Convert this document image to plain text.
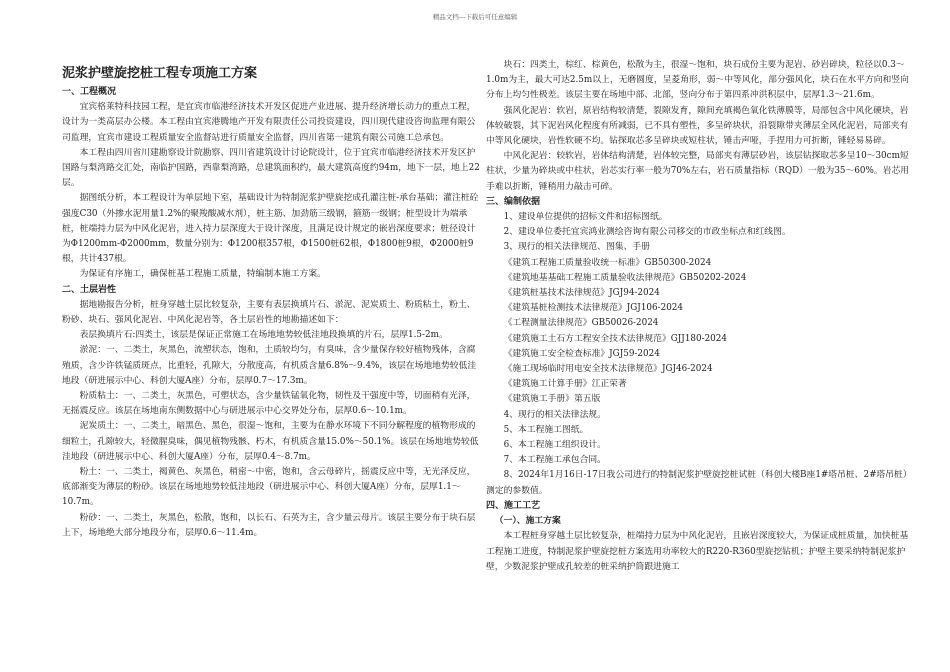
精品文档---下载后可任意编辑
泥浆护壁旋挖桩工程专项施工方案
一、工程概况
宜宾格莱特科技园工程，是宜宾市临港经济技术开发区促进产业进展、提升经济增长动力的重点工程，设计为一类高层办公楼。本工程由宜宾港腾地产开发有限责任公司投资建设，四川现代建设咨询监理有限公司监理，宜宾市建设工程质量安全监督站进行质量安全监督，四川省第一建筑有限公司施工总承包。
本工程由四川省川建勘察设计院勘察、四川省建筑设计讨论院设计，位于宜宾市临港经济技术开发区护国路与梨湾路交汇处，南临护国路，西靠梨湾路，总建筑面积约，最大建筑高度约94m，地下一层，地上22层。
据图纸分析，本工程设计为单层地下室，基础设计为特制泥浆护壁旋挖成孔灌注桩-承台基础；灌注桩砼强度C30（外掺水泥用量1.2%的聚羧酸减水剂），桩主筋、加劲筋三级钢，箍筋一级钢；桩型设计为端承桩，桩端持力层为中风化泥岩，进入持力层深度大于设计深度，且满足设计规定的嵌岩深度要求；桩径设计为Φ1200mm-Φ2000mm，数量分别为：Φ1200根357根，Φ1500桩62根，Φ1800桩9根，Φ2000桩9根，共计437根。
为保证有序施工，确保桩基工程施工质量，特编制本施工方案。
二、土层岩性
据地勘报告分析，桩身穿越土层比较复杂，主要有表层换填片石、淤泥、泥炭质土、粉质粘土，粉土、粉砂、块石、强风化泥岩、中风化泥岩等，各土层岩性的地勘描述如下：
表层换填片石:四类土，该层是保证正常施工在场地地势较低洼地段换填的片石，层厚1.5-2m。
淤泥：一、二类土，灰黑色，流塑状态，饱和，土质较均匀，有臭味，含少量保存较好植物残体，含腐殖质，含少许铁锰质斑点，比重轻，孔隙大，分散度高，有机质含量6.8%～9.4%，该层在场地地势较低洼地段（研进展示中心、科创大厦A座）分布，层厚0.7～17.3m。
粉质粘土：一、二类土，灰黑色，可塑状态，含少量铁锰氧化物，韧性及干强度中等，切面稍有光泽，无摇震反应。该层在场地南东侧数据中心与研进展示中心交界处分布，层厚0.6～10.1m。
泥炭质土：一、二类土，暗黑色、黑色，很湿～饱和，主要为在静水环境下不同分解程度的植物形成的细粒土，孔隙较大，轻微腥臭味，偶见植物残骸、朽木，有机质含量15.0%～50.1%。该层在场地地势较低洼地段（研进展示中心、科创大厦A座）分布，层厚0.4～8.7m。
粉土：一、二类土，褐黄色、灰黑色，稍密～中密，饱和，含云母碎片，摇震反应中等，无光泽反应，底部渐变为薄层的粉砂。该层在场地地势较低洼地段（研进展示中心、科创大厦A座）分布，层厚1.1～10.7m。
粉砂：一、二类土，灰黑色，松散，饱和，以长石、石英为主，含少量云母片。该层主要分布于块石层上下，场地绝大部分地段分布，层厚0.6～11.4m。
块石：四类土，棕红、棕黄色，松散为主，很湿～饱和，块石成份主要为泥岩、砂岩碎块，粒径以0.3～1.0m为主，最大可达2.5m以上，无磨圆度，呈菱角形，弱～中等风化，部分强风化，块石在水平方向和竖向分布上均匀性极差。该层主要在场地中部、北部，竖向分布于第四系冲洪积层中，层厚1.3～21.6m。
强风化泥岩：软岩，原岩结构较清楚，裂隙发育，隙间充填褐色氧化铁薄膜等，局部包含中风化硬块，岩体较破裂，其下泥岩风化程度有所减弱，已不具有塑性，多呈碎块状，沿裂隙带夹薄层全风化泥岩，局部夹有中等风化硬块，岩性软硬不均。钻探取芯多呈碎块或短柱状，锤击声哑，手捏用力可折断，锤轻易易碎。
中风化泥岩：较软岩，岩体结构清楚，岩体较完整，局部夹有薄层砂岩，该层钻探取芯多呈10～30cm短柱状，少量为碎块或中柱状，岩芯实行率一般为70%左右，岩石质量指标（RQD）一般为35～60%。岩芯用手难以折断，锤稍用力敲击可碎。
三、编制依据
1、建设单位提供的招标文件和招标图纸。
2、建设单位委托宜宾鸿业测绘咨询有限公司移交的市政坐标点和红线图。
3、现行的相关法律规范、图集、手册
《建筑工程施工质量验收统一标准》GB50300-2024
《建筑地基基础工程施工质量验收法律规范》GB50202-2024
《建筑桩基技术法律规范》JGJ94-2024
《建筑基桩检测技术法律规范》JGJ106-2024
《工程测量法律规范》GB50026-2024
《建筑施工土石方工程安全技术法律规范》GJJ180-2024
《建筑施工安全检查标准》JGJ59-2024
《施工现场临时用电安全技术法律规范》JGJ46-2024
《建筑施工计算手册》江正荣著
《建筑施工手册》第五版
4、现行的相关法律法规。
5、本工程施工图纸。
6、本工程施工组织设计。
7、本工程施工承包合同。
8、2024年1月16日-17日我公司进行的特制泥浆护壁旋挖桩试桩（科创大楼B座1#塔吊桩、2#塔吊桩）测定的参数值。
四、施工工艺
（一）、施工方案
本工程桩身穿越土层比较复杂，桩端持力层为中风化泥岩，且嵌岩深度较大，为保证成桩质量，加快桩基工程施工进度，特制泥浆护壁旋挖桩方案选用功率较大的R220-R360型旋挖钻机；护壁主要采纳特制泥浆护壁，少数泥浆护壁成孔较差的桩采纳护筒跟进施工
